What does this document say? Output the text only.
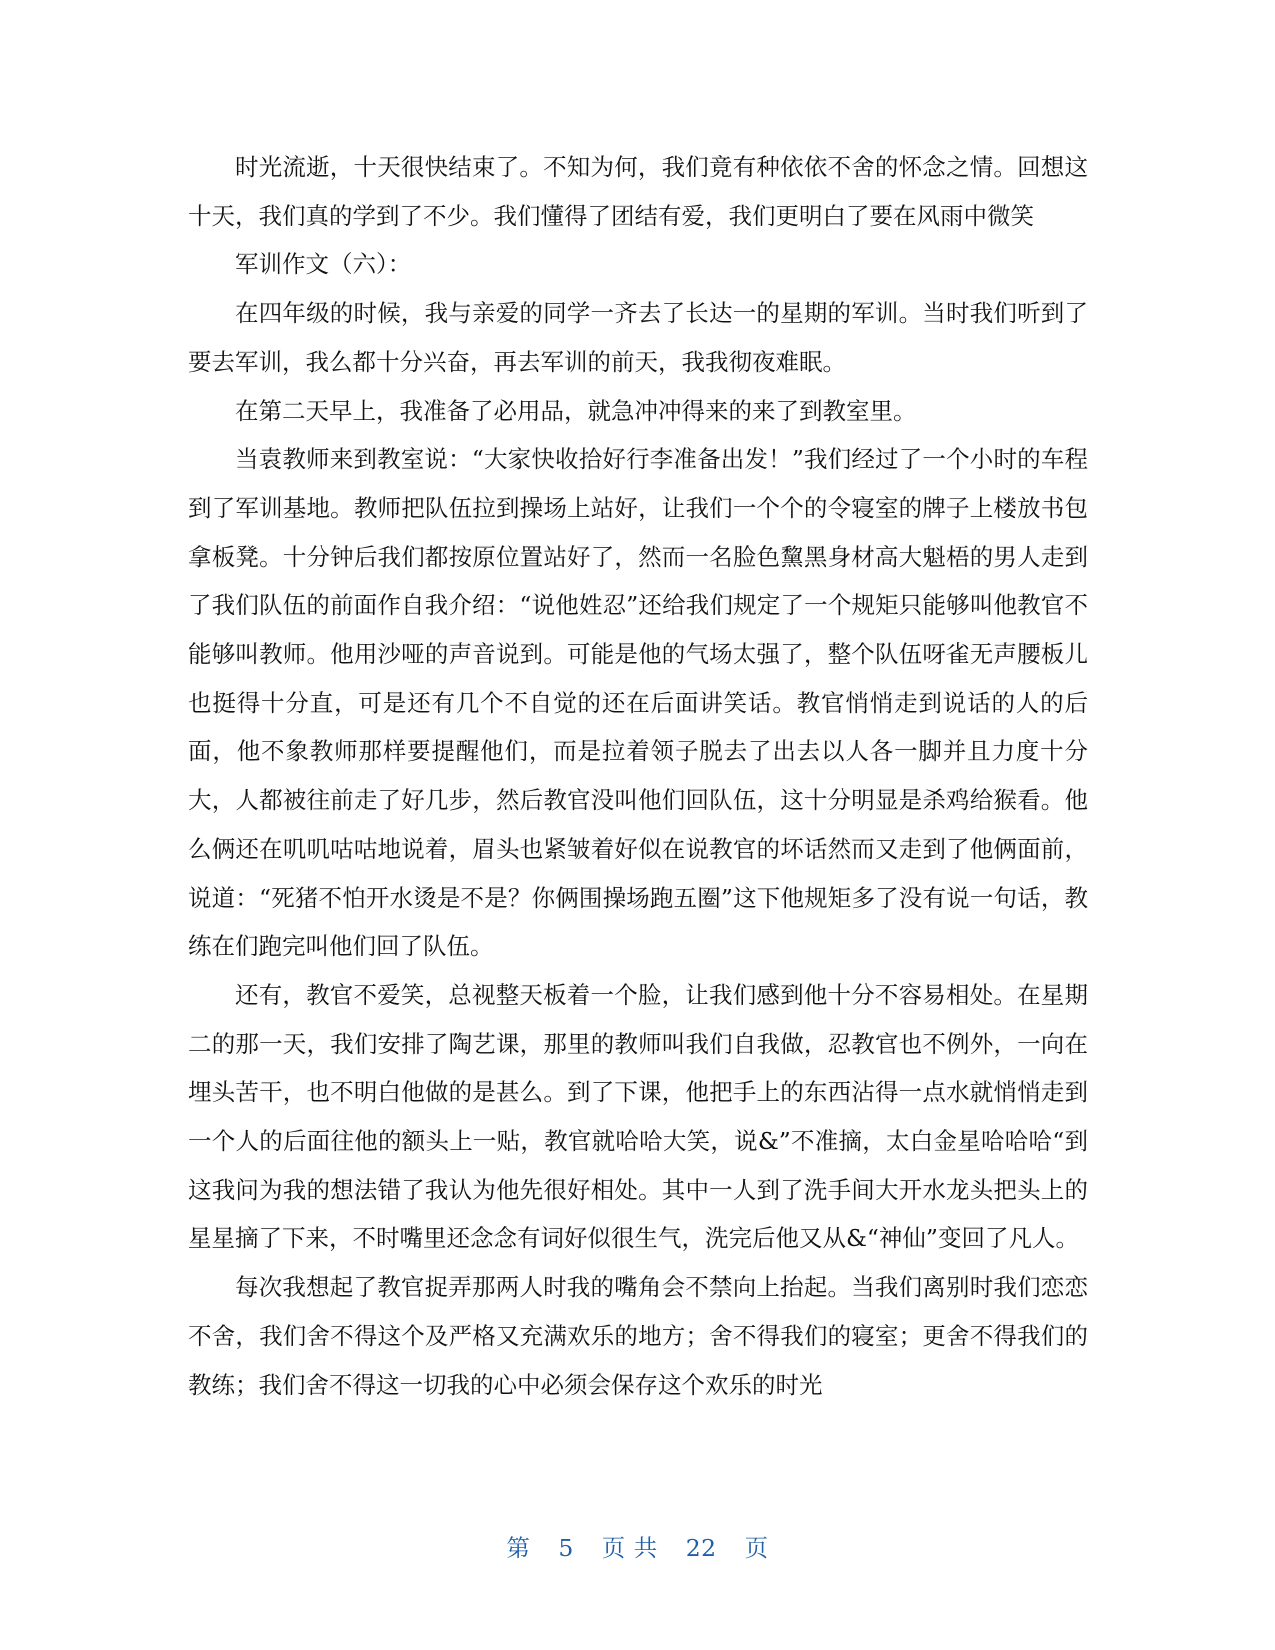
时光流逝，十天很快结束了。不知为何，我们竟有种依依不舍的怀念之情。回想这十天，我们真的学到了不少。我们懂得了团结有爱，我们更明白了要在风雨中微笑

军训作文（六）：

在四年级的时候，我与亲爱的同学一齐去了长达一的星期的军训。当时我们听到了要去军训，我么都十分兴奋，再去军训的前天，我我彻夜难眠。

在第二天早上，我准备了必用品，就急冲冲得来的来了到教室里。

当袁教师来到教室说：“大家快收拾好行李准备出发！”我们经过了一个小时的车程到了军训基地。教师把队伍拉到操场上站好，让我们一个个的令寝室的牌子上楼放书包拿板凳。十分钟后我们都按原位置站好了，然而一名脸色黧黑身材高大魁梧的男人走到了我们队伍的前面作自我介绍：“说他姓忍”还给我们规定了一个规矩只能够叫他教官不能够叫教师。他用沙哑的声音说到。可能是他的气场太强了，整个队伍呀雀无声腰板儿也挺得十分直，可是还有几个不自觉的还在后面讲笑话。教官悄悄走到说话的人的后面，他不象教师那样要提醒他们，而是拉着领子脱去了出去以人各一脚并且力度十分大，人都被往前走了好几步，然后教官没叫他们回队伍，这十分明显是杀鸡给猴看。他么俩还在叽叽咕咕地说着，眉头也紧皱着好似在说教官的坏话然而又走到了他俩面前，说道：“死猪不怕开水烫是不是？你俩围操场跑五圈”这下他规矩多了没有说一句话，教练在们跑完叫他们回了队伍。

还有，教官不爱笑，总视整天板着一个脸，让我们感到他十分不容易相处。在星期二的那一天，我们安排了陶艺课，那里的教师叫我们自我做，忍教官也不例外，一向在埋头苦干，也不明白他做的是甚么。到了下课，他把手上的东西沾得一点水就悄悄走到一个人的后面往他的额头上一贴，教官就哈哈大笑，说&”不准摘，太白金星哈哈哈“到这我问为我的想法错了我认为他先很好相处。其中一人到了洗手间大开水龙头把头上的星星摘了下来，不时嘴里还念念有词好似很生气，洗完后他又从&“神仙”变回了凡人。

每次我想起了教官捉弄那两人时我的嘴角会不禁向上抬起。当我们离别时我们恋恋不舍，我们舍不得这个及严格又充满欢乐的地方；舍不得我们的寝室；更舍不得我们的教练；我们舍不得这一切我的心中必须会保存这个欢乐的时光

第 5 页 共 22 页
